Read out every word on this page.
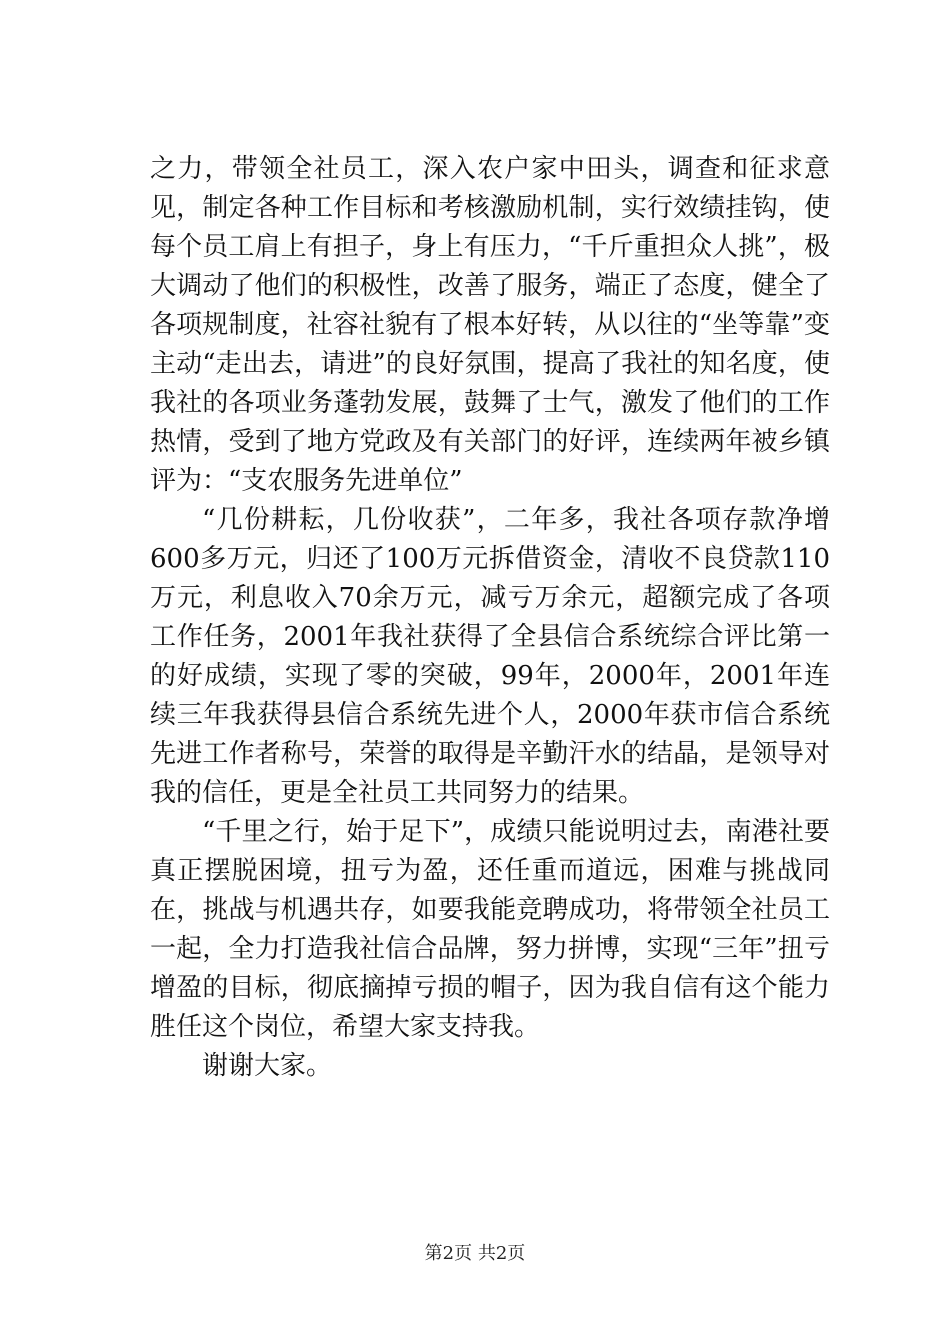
之力，带领全社员工，深入农户家中田头，调查和征求意见，制定各种工作目标和考核激励机制，实行效绩挂钩，使每个员工肩上有担子，身上有压力，“千斤重担众人挑”，极大调动了他们的积极性，改善了服务，端正了态度，健全了各项规制度，社容社貌有了根本好转，从以往的“坐等靠”变主动“走出去，请进”的良好氛围，提高了我社的知名度，使我社的各项业务蓬勃发展，鼓舞了士气，激发了他们的工作热情，受到了地方党政及有关部门的好评，连续两年被乡镇评为：“支农服务先进单位”

“几份耕耘，几份收获”，二年多，我社各项存款净增600多万元，归还了100万元拆借资金，清收不良贷款110万元，利息收入70余万元，减亏万余元，超额完成了各项工作任务，2001年我社获得了全县信合系统综合评比第一的好成绩，实现了零的突破，99年，2000年，2001年连续三年我获得县信合系统先进个人，2000年获市信合系统先进工作者称号，荣誉的取得是辛勤汗水的结晶，是领导对我的信任，更是全社员工共同努力的结果。

“千里之行，始于足下”，成绩只能说明过去，南港社要真正摆脱困境，扭亏为盈，还任重而道远，困难与挑战同在，挑战与机遇共存，如要我能竞聘成功，将带领全社员工一起，全力打造我社信合品牌，努力拼博，实现“三年”扭亏增盈的目标，彻底摘掉亏损的帽子，因为我自信有这个能力胜任这个岗位，希望大家支持我。

谢谢大家。

第2页 共2页
